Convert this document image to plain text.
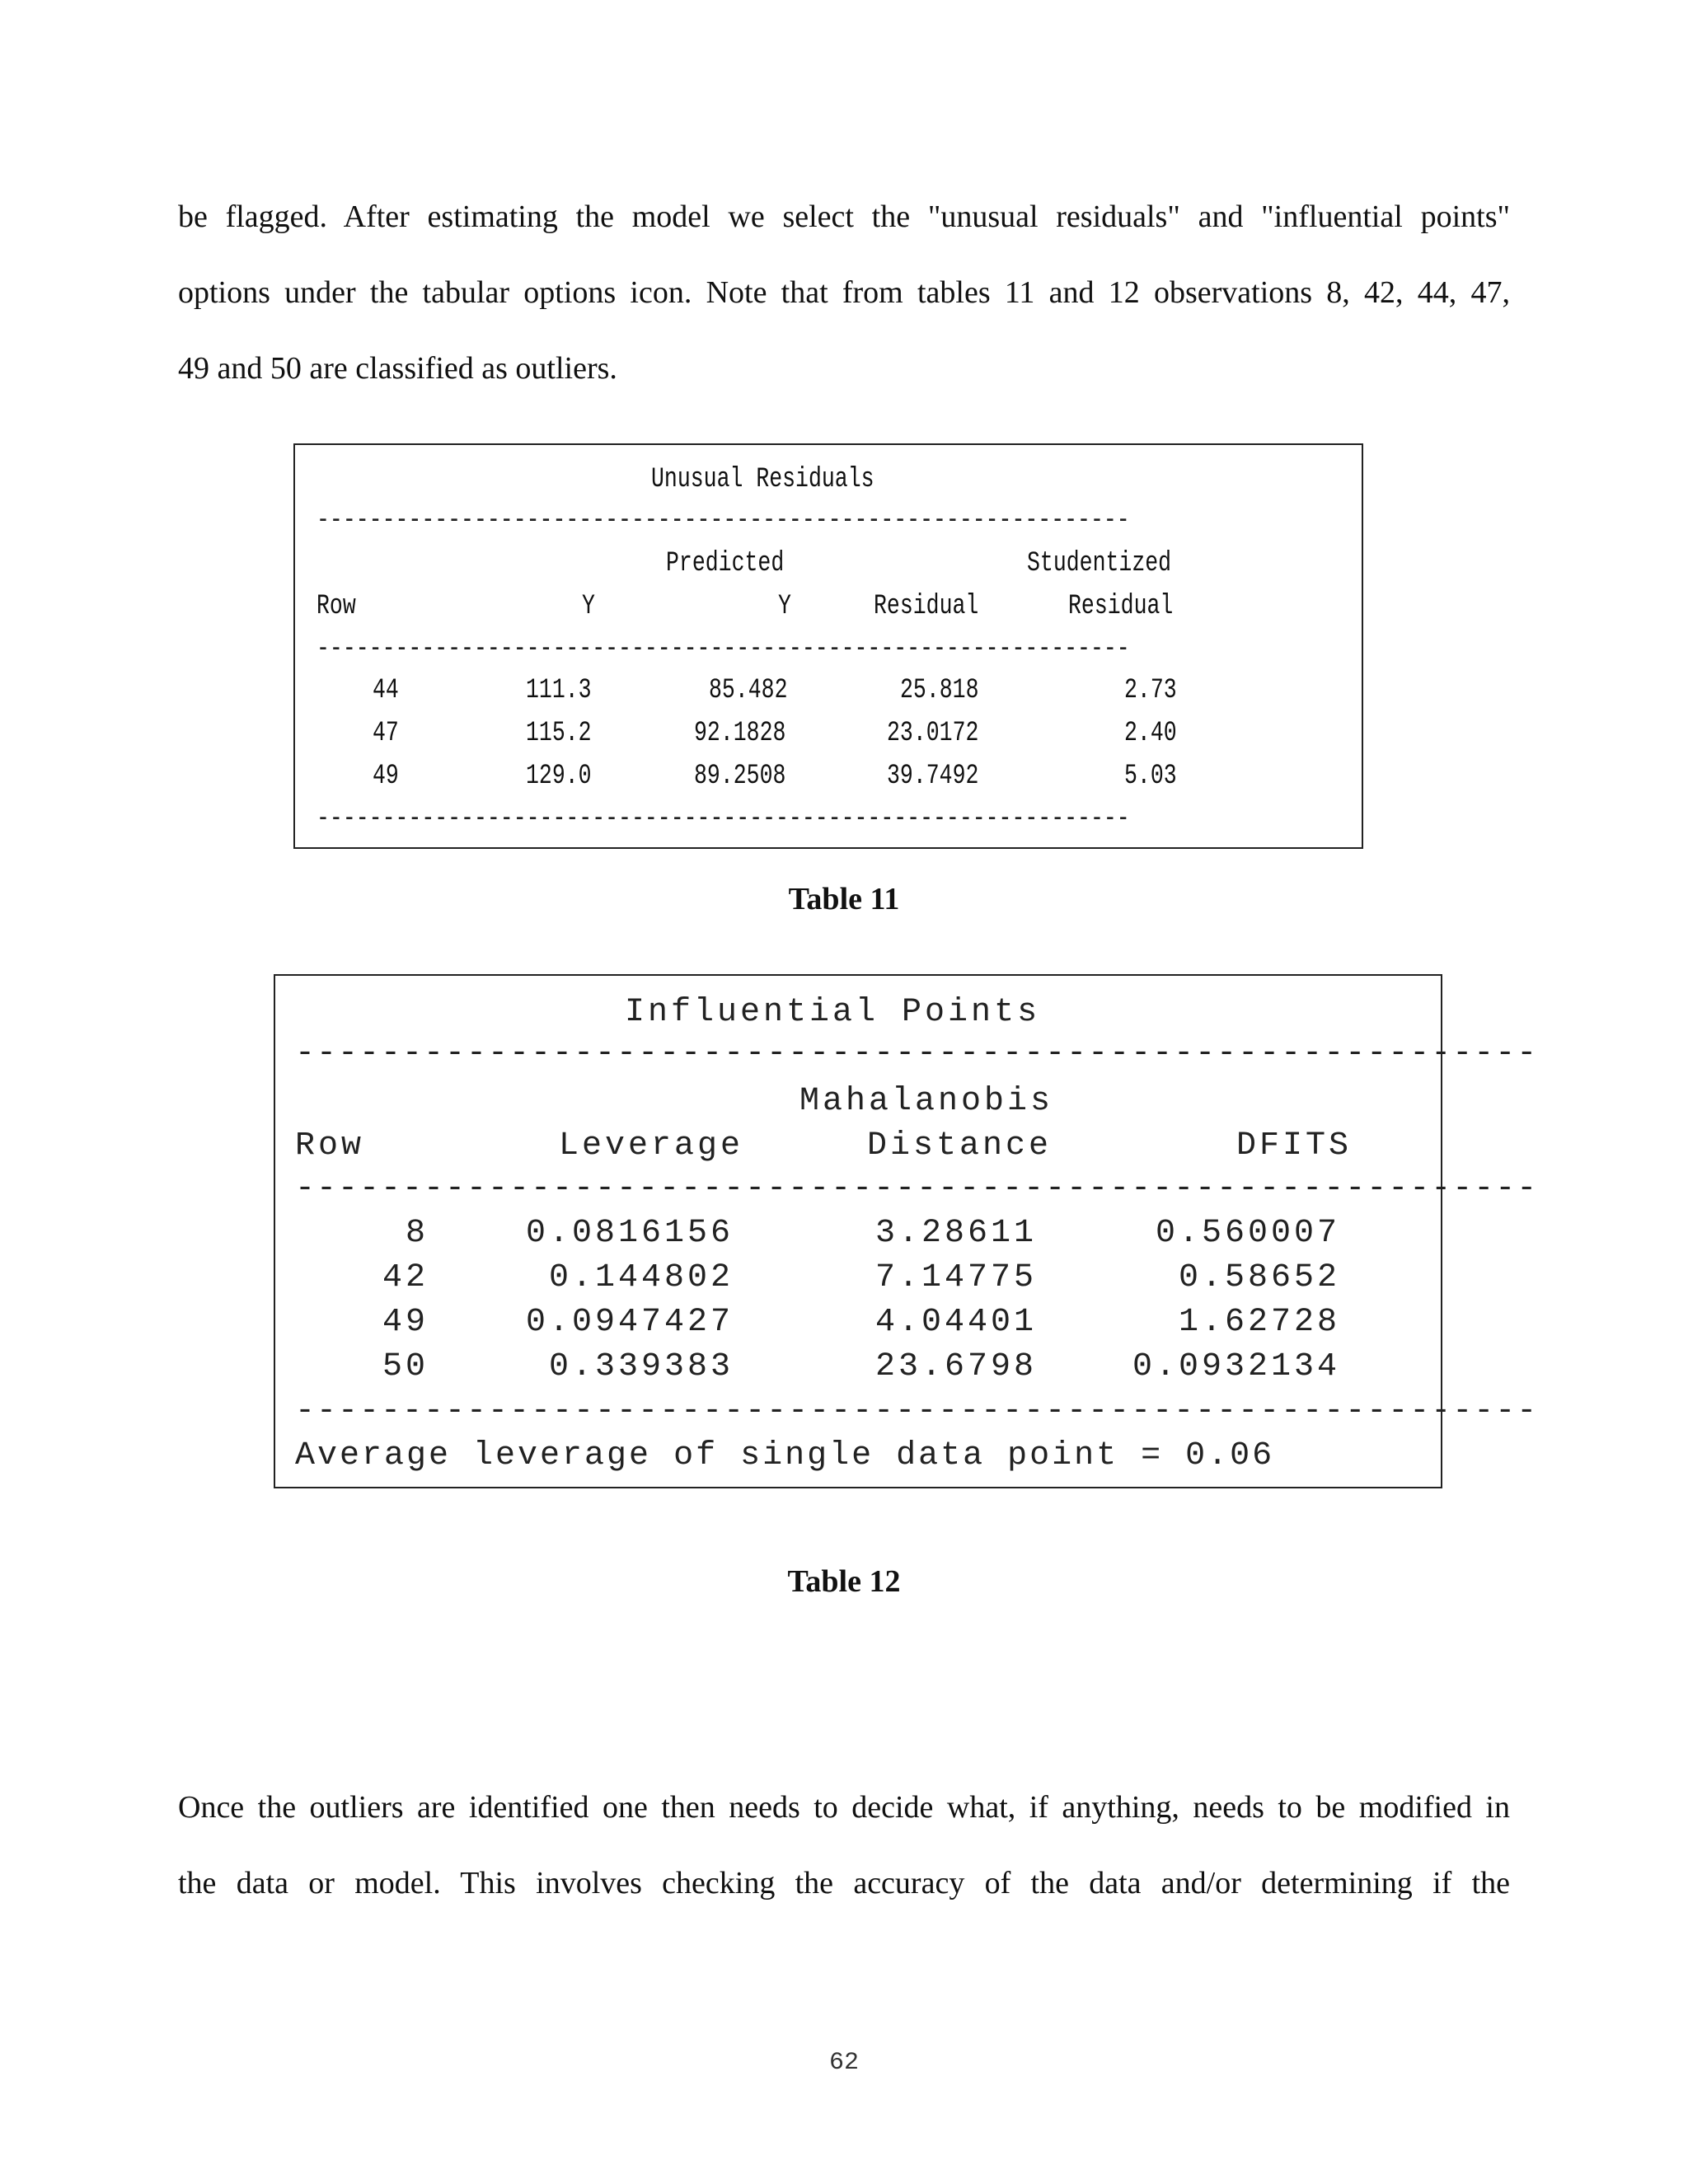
be flagged. After estimating the model we select the "unusual residuals" and "influential points"
options under the tabular options icon. Note that from tables 11 and 12 observations 8, 42, 44, 47,
49 and 50 are classified as outliers.
Unusual Residuals
--------------------------------------------------------------
Predicted	Studentized
Row	Y	Y	Residual	Residual
--------------------------------------------------------------
44	111.3	85.482	25.818	2.73
47	115.2	92.1828	23.0172	2.40
49	129.0	89.2508	39.7492	5.03
--------------------------------------------------------------
Table 11
Influential Points
----------------------------------------------------------
Mahalanobis
Row	Leverage	Distance	DFITS
----------------------------------------------------------
8	0.0816156	3.28611	0.560007
42	0.144802	7.14775	0.58652
49	0.0947427	4.04401	1.62728
50	0.339383	23.6798	0.0932134
----------------------------------------------------------
Average leverage of single data point = 0.06
Table 12
Once the outliers are identified one then needs to decide what, if anything, needs to be modified in
the data or model. This involves checking the accuracy of the data and/or determining if the
62
